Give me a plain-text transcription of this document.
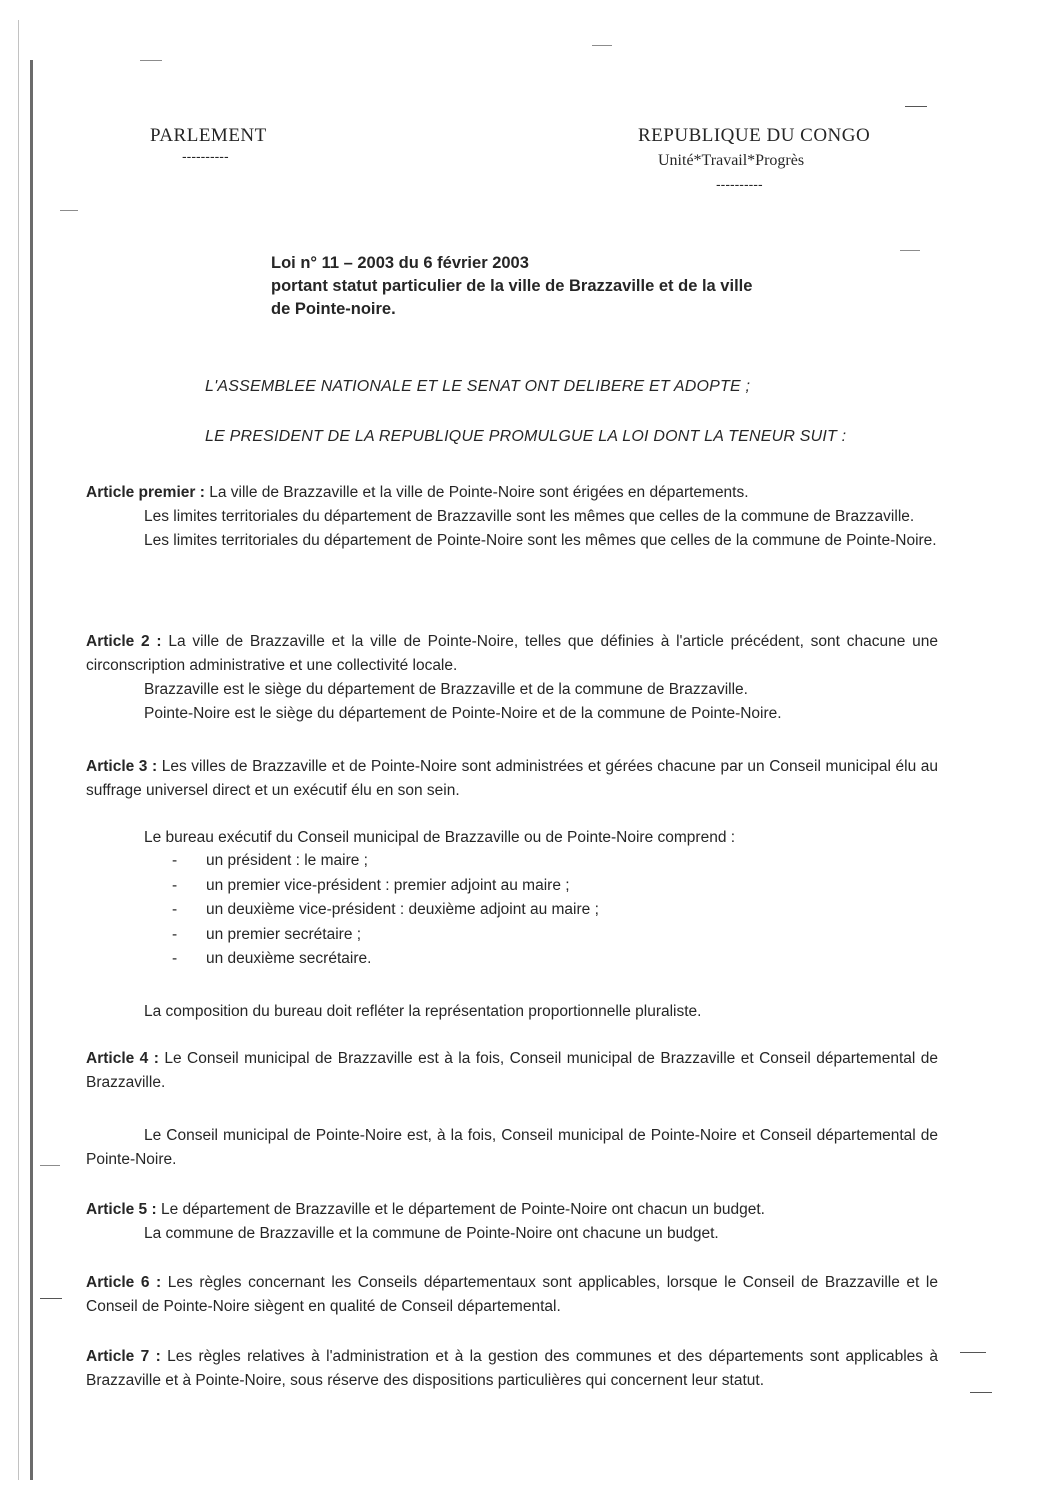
PARLEMENT
----------
REPUBLIQUE DU CONGO
Unité*Travail*Progrès
----------
Loi n° 11 – 2003 du 6 février 2003
portant statut particulier de la ville de Brazzaville et de la ville
de Pointe-noire.
L'ASSEMBLEE NATIONALE ET LE SENAT ONT DELIBERE ET ADOPTE ;
LE PRESIDENT DE LA REPUBLIQUE PROMULGUE LA LOI DONT LA TENEUR SUIT :

Article premier : La ville de Brazzaville et la ville de Pointe-Noire sont érigées en départements.

Les limites territoriales du département de Brazzaville sont les mêmes que celles de la commune de Brazzaville.

Les limites territoriales du département de Pointe-Noire sont les mêmes que celles de la commune de Pointe-Noire.

Article 2 : La ville de Brazzaville et la ville de Pointe-Noire, telles que définies à l'article précédent, sont chacune une circonscription administrative et une collectivité locale.

Brazzaville est le siège du département de Brazzaville et de la commune de Brazzaville.

Pointe-Noire est le siège du département de Pointe-Noire et de la commune de Pointe-Noire.

Article 3 : Les villes de Brazzaville et de Pointe-Noire sont administrées et gérées chacune par un Conseil municipal élu au suffrage universel direct et un exécutif élu en son sein.

Le bureau exécutif du Conseil municipal de Brazzaville ou de Pointe-Noire comprend :

-	un président : le maire ;
-	un premier vice-président : premier adjoint au maire ;
-	un deuxième vice-président : deuxième adjoint au maire ;
-	un premier secrétaire ;
-	un deuxième secrétaire.

La composition du bureau doit refléter la représentation proportionnelle pluraliste.

Article 4 : Le Conseil municipal de Brazzaville est à la fois, Conseil municipal de Brazzaville et Conseil départemental de Brazzaville.

Le Conseil municipal de Pointe-Noire est, à la fois, Conseil municipal de Pointe-Noire et Conseil départemental de Pointe-Noire.

Article 5 : Le département de Brazzaville et le département de Pointe-Noire ont chacun un budget.

La commune de Brazzaville et la commune de Pointe-Noire ont chacune un budget.

Article 6 : Les règles concernant les Conseils départementaux sont applicables, lorsque le Conseil de Brazzaville et le Conseil de Pointe-Noire siègent en qualité de Conseil départemental.

Article 7 : Les règles relatives à l'administration et à la gestion des communes et des départements sont applicables à Brazzaville et à Pointe-Noire, sous réserve des dispositions particulières qui concernent leur statut.
